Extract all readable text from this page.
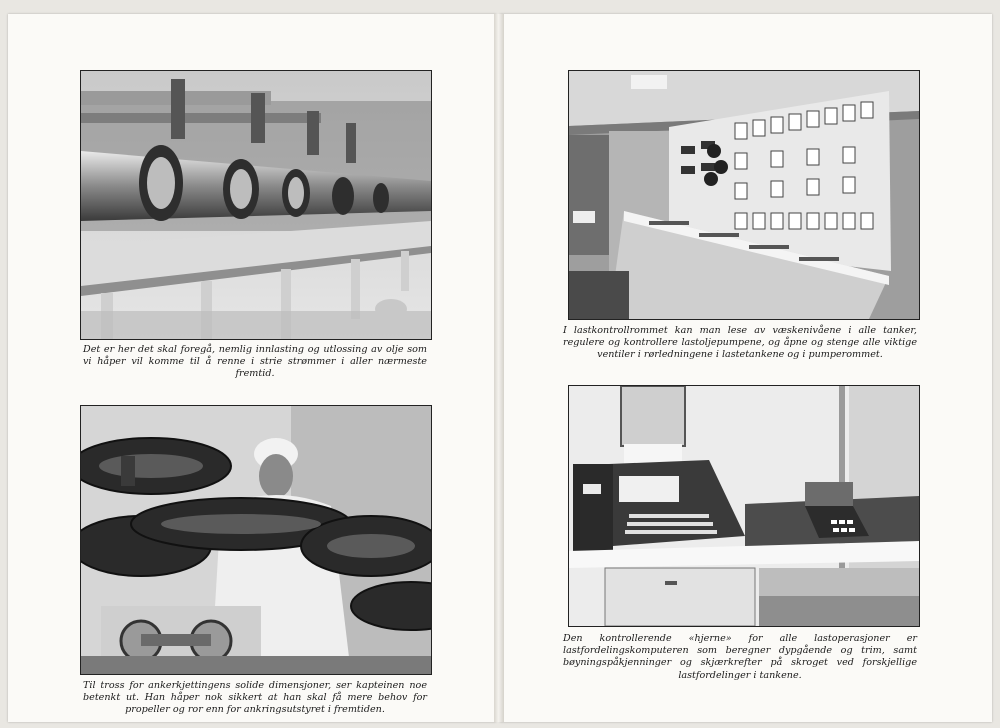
Det er her det skal foregå, nemlig innlasting og utlossing av olje som vi håper vil komme til å renne i strie strømmer i aller nærmeste fremtid.
I lastkontrollrommet kan man lese av væskenivåene i alle tanker, regulere og kontrollere lastoljepumpene, og åpne og stenge alle viktige ventiler i rørledningene i lastetankene og i pumperommet.
Til tross for ankerkjettingens solide dimensjoner, ser kapteinen noe betenkt ut. Han håper nok sikkert at han skal få mere behov for propeller og ror enn for ankringsutstyret i fremtiden.
Den kontrollerende «hjerne» for alle lastoperasjoner er lastfordelingskomputeren som beregner dypgående og trim, samt bøyningspåkjenninger og skjærkrefter på skroget ved forskjellige lastfordelinger i tankene.
